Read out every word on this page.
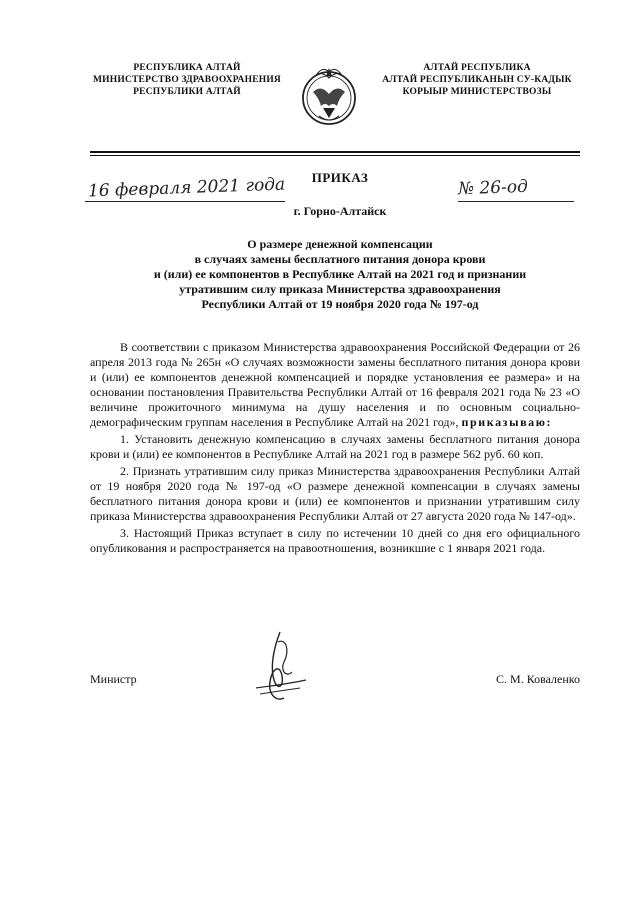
РЕСПУБЛИКА АЛТАЙ
МИНИСТЕРСТВО ЗДРАВООХРАНЕНИЯ
РЕСПУБЛИКИ АЛТАЙ
АЛТАЙ РЕСПУБЛИКА
АЛТАЙ РЕСПУБЛИКАНЫН СУ-КАДЫК
КОРЫЫР МИНИСТЕРСТВОЗЫ
ПРИКАЗ
16 февраля 2021 года	№ 26-од
г. Горно-Алтайск
О размере денежной компенсации
в случаях замены бесплатного питания донора крови
и (или) ее компонентов в Республике Алтай на 2021 год и признании
утратившим силу приказа Министерства здравоохранения
Республики Алтай от 19 ноября 2020 года № 197-од

В соответствии с приказом Министерства здравоохранения Российской Федерации от 26 апреля 2013 года № 265н «О случаях возможности замены бесплатного питания донора крови и (или) ее компонентов денежной компенсацией и порядке установления ее размера» и на основании постановления Правительства Республики Алтай от 16 февраля 2021 года № 23 «О величине прожиточного минимума на душу населения и по основным социально-демографическим группам населения в Республике Алтай на 2021 год», приказываю:

1. Установить денежную компенсацию в случаях замены бесплатного питания донора крови и (или) ее компонентов в Республике Алтай на 2021 год в размере 562 руб. 60 коп.

2. Признать утратившим силу приказ Министерства здравоохранения Республики Алтай от 19 ноября 2020 года № 197-од «О размере денежной компенсации в случаях замены бесплатного питания донора крови и (или) ее компонентов и признании утратившим силу приказа Министерства здравоохранения Республики Алтай от 27 августа 2020 года № 147-од».

3. Настоящий Приказ вступает в силу по истечении 10 дней со дня его официального опубликования и распространяется на правоотношения, возникшие с 1 января 2021 года.

Министр	С. М. Коваленко
